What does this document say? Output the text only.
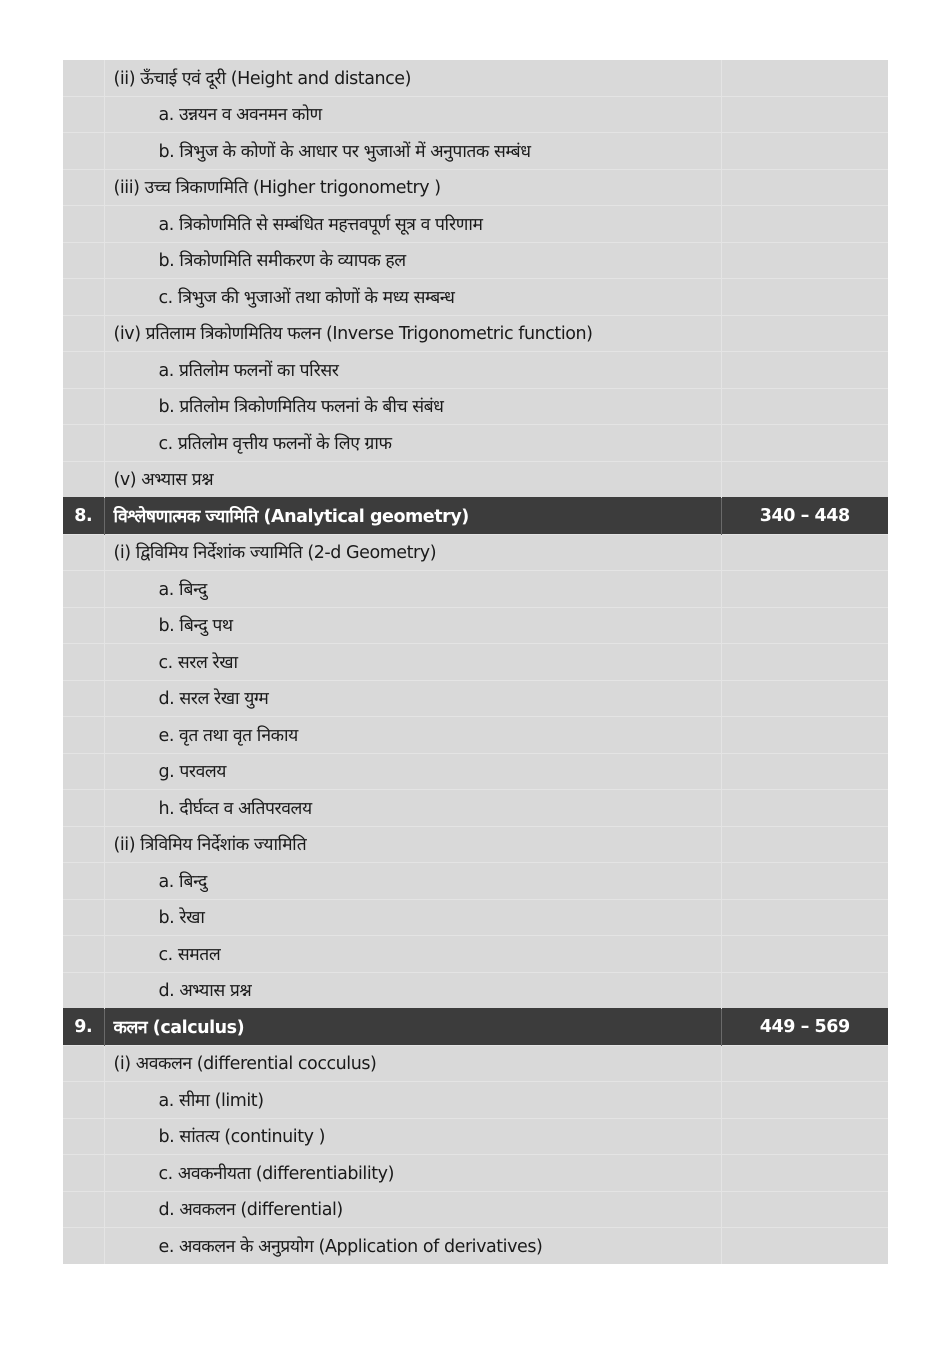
	(ii) ऊँचाई एवं दूरी (Height and distance)	
	a. उन्नयन व अवनमन कोण	
	b. त्रिभुज के कोणों के आधार पर भुजाओं में अनुपातक सम्बंध	
	(iii) उच्च त्रिकाणमिति (Higher trigonometry )	
	a. त्रिकोणमिति से सम्बंधित महत्तवपूर्ण सूत्र व परिणाम	
	b. त्रिकोणमिति समीकरण के व्यापक हल	
	c. त्रिभुज की भुजाओं तथा कोणों के मध्य सम्बन्ध	
	(iv) प्रतिलाम त्रिकोणमितिय फलन (Inverse Trigonometric function)	
	a. प्रतिलोम फलनों का परिसर	
	b. प्रतिलोम त्रिकोणमितिय फलनां के बीच संबंध	
	c. प्रतिलोम वृत्तीय फलनों के लिए ग्राफ	
	(v) अभ्यास प्रश्न	
8.	विश्लेषणात्मक ज्यामिति (Analytical geometry)	340 – 448
	(i) द्विविमिय निर्देशांक ज्यामिति (2-d Geometry)	
	a. बिन्दु	
	b. बिन्दु पथ	
	c. सरल रेखा	
	d. सरल रेखा युग्म	
	e. वृत तथा वृत निकाय	
	g. परवलय	
	h. दीर्घव्त व अतिपरवलय	
	(ii) त्रिविमिय निर्देशांक ज्यामिति	
	a. बिन्दु	
	b. रेखा	
	c. समतल	
	d. अभ्यास प्रश्न	
9.	कलन (calculus)	449 – 569
	(i) अवकलन (differential cocculus)	
	a. सीमा (limit)	
	b. सांतत्य (continuity )	
	c. अवकनीयता (differentiability)	
	d. अवकलन (differential)	
	e. अवकलन के अनुप्रयोग (Application of derivatives)	
